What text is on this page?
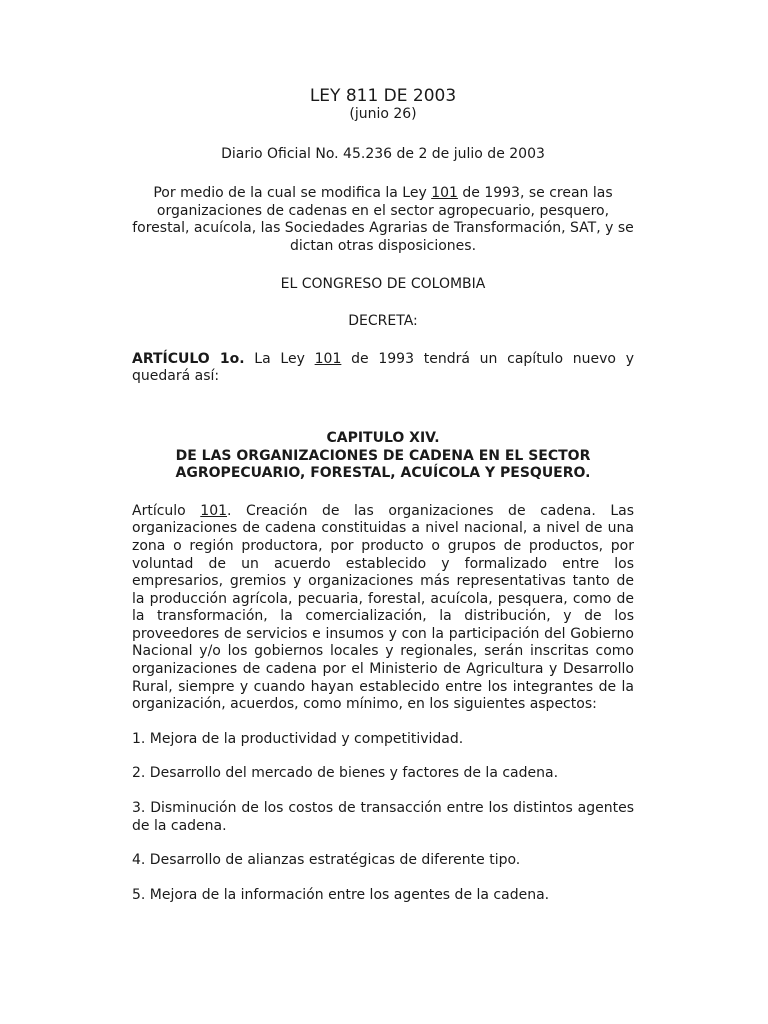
LEY 811 DE 2003

(junio 26)

Diario Oficial No. 45.236 de 2 de julio de 2003

Por medio de la cual se modifica la Ley 101 de 1993, se crean las organizaciones de cadenas en el sector agropecuario, pesquero, forestal, acuícola, las Sociedades Agrarias de Transformación, SAT, y se dictan otras disposiciones.

EL CONGRESO DE COLOMBIA

DECRETA:

ARTÍCULO 1o. La Ley 101 de 1993 tendrá un capítulo nuevo y quedará así:

CAPITULO XIV.

DE LAS ORGANIZACIONES DE CADENA EN EL SECTOR AGROPECUARIO, FORESTAL, ACUÍCOLA Y PESQUERO.

Artículo 101. Creación de las organizaciones de cadena. Las organizaciones de cadena constituidas a nivel nacional, a nivel de una zona o región productora, por producto o grupos de productos, por voluntad de un acuerdo establecido y formalizado entre los empresarios, gremios y organizaciones más representativas tanto de la producción agrícola, pecuaria, forestal, acuícola, pesquera, como de la transformación, la comercialización, la distribución, y de los proveedores de servicios e insumos y con la participación del Gobierno Nacional y/o los gobiernos locales y regionales, serán inscritas como organizaciones de cadena por el Ministerio de Agricultura y Desarrollo Rural, siempre y cuando hayan establecido entre los integrantes de la organización, acuerdos, como mínimo, en los siguientes aspectos:

1. Mejora de la productividad y competitividad.

2. Desarrollo del mercado de bienes y factores de la cadena.

3. Disminución de los costos de transacción entre los distintos agentes de la cadena.

4. Desarrollo de alianzas estratégicas de diferente tipo.

5. Mejora de la información entre los agentes de la cadena.
